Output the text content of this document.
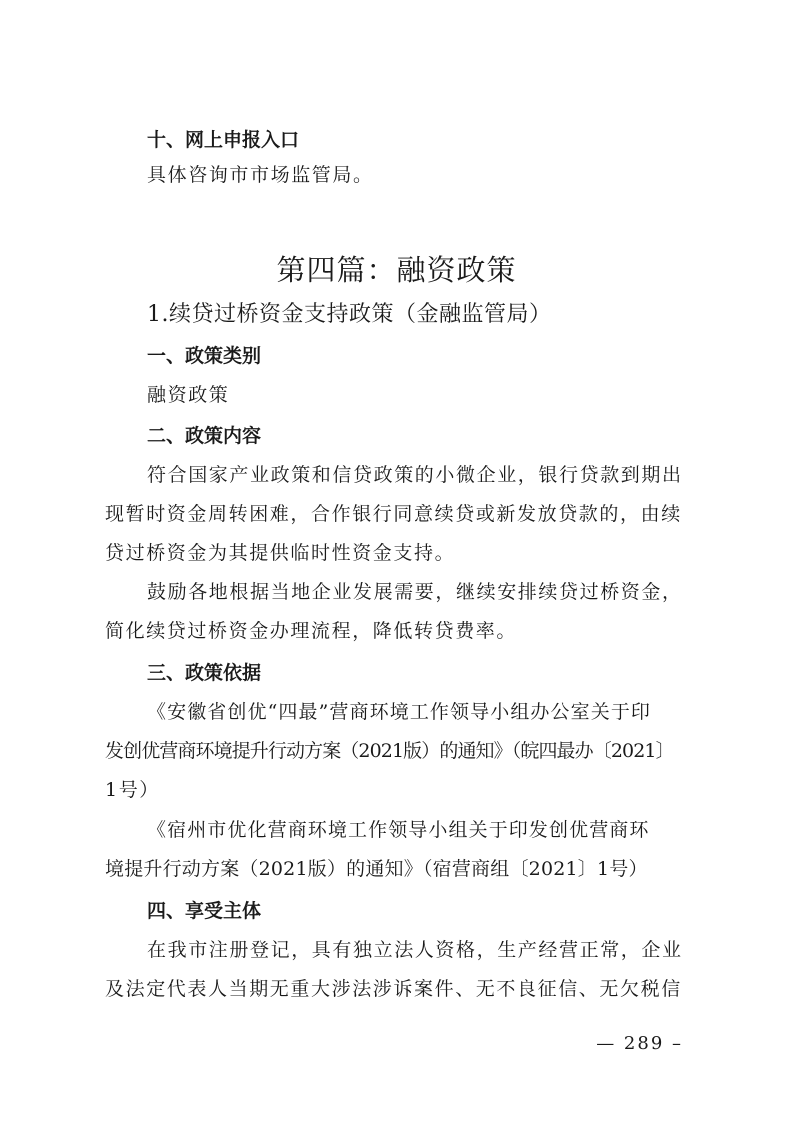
十、网上申报入口
具体咨询市市场监管局。
第四篇：融资政策
1.续贷过桥资金支持政策（金融监管局）
一、政策类别
融资政策
二、政策内容
符合国家产业政策和信贷政策的小微企业，银行贷款到期出
现暂时资金周转困难，合作银行同意续贷或新发放贷款的，由续
贷过桥资金为其提供临时性资金支持。
鼓励各地根据当地企业发展需要，继续安排续贷过桥资金，
简化续贷过桥资金办理流程，降低转贷费率。
三、政策依据
《安徽省创优“四最”营商环境工作领导小组办公室关于印
发创优营商环境提升行动方案（2021版）的通知》（皖四最办〔2021〕
1号）
《宿州市优化营商环境工作领导小组关于印发创优营商环
境提升行动方案（2021版）的通知》（宿营商组〔2021〕1号）
四、享受主体
在我市注册登记，具有独立法人资格，生产经营正常，企业
及法定代表人当期无重大涉法涉诉案件、无不良征信、无欠税信
— 289 –
